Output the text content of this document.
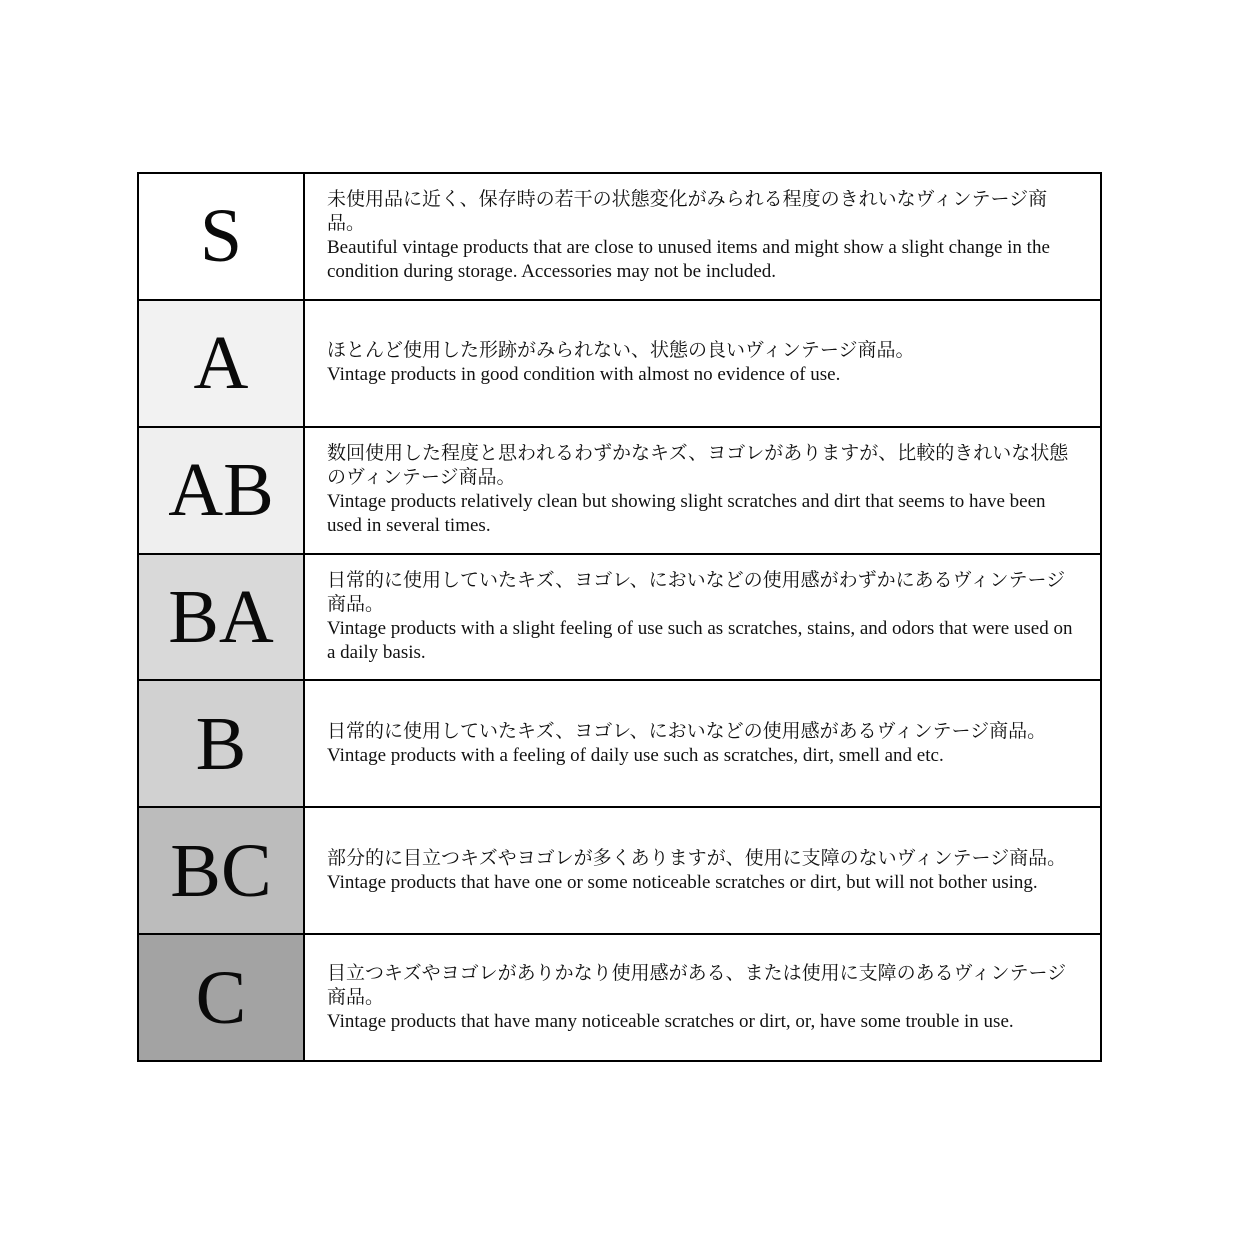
S	未使用品に近く、保存時の若干の状態変化がみられる程度のきれいなヴィンテージ商品。

Beautiful vintage products that are close to unused items and might show a slight change in the condition during storage. Accessories may not be included.

A	ほとんど使用した形跡がみられない、状態の良いヴィンテージ商品。

Vintage products in good condition with almost no evidence of use.

AB	数回使用した程度と思われるわずかなキズ、ヨゴレがありますが、比較的きれいな状態のヴィンテージ商品。

Vintage products relatively clean but showing slight scratches and dirt that seems to have been used in several times.

BA	日常的に使用していたキズ、ヨゴレ、においなどの使用感がわずかにあるヴィンテージ商品。

Vintage products with a slight feeling of use such as scratches, stains, and odors that were used on a daily basis.

B	日常的に使用していたキズ、ヨゴレ、においなどの使用感があるヴィンテージ商品。

Vintage products with a feeling of daily use such as scratches, dirt, smell and etc.

BC	部分的に目立つキズやヨゴレが多くありますが、使用に支障のないヴィンテージ商品。

Vintage products that have one or some noticeable scratches or dirt, but will not bother using.

C	目立つキズやヨゴレがありかなり使用感がある、または使用に支障のあるヴィンテージ商品。

Vintage products that have many noticeable scratches or dirt, or, have some trouble in use.
